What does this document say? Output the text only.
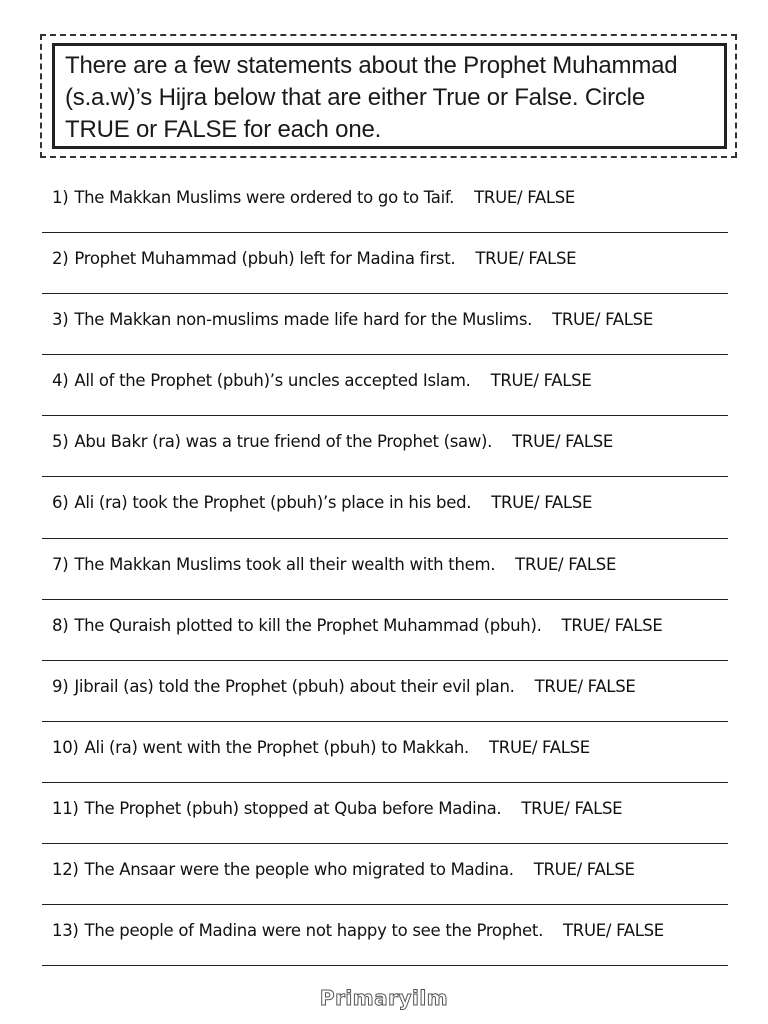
There are a few statements about the Prophet Muhammad (s.a.w)’s Hijra below that are either True or False. Circle TRUE or FALSE for each one.

1) The Makkan Muslims were ordered to go to Taif. TRUE/ FALSE
2) Prophet Muhammad (pbuh) left for Madina first. TRUE/ FALSE
3) The Makkan non-muslims made life hard for the Muslims. TRUE/ FALSE
4) All of the Prophet (pbuh)’s uncles accepted Islam. TRUE/ FALSE
5) Abu Bakr (ra) was a true friend of the Prophet (saw). TRUE/ FALSE
6) Ali (ra) took the Prophet (pbuh)’s place in his bed. TRUE/ FALSE
7) The Makkan Muslims took all their wealth with them. TRUE/ FALSE
8) The Quraish plotted to kill the Prophet Muhammad (pbuh). TRUE/ FALSE
9) Jibrail (as) told the Prophet (pbuh) about their evil plan. TRUE/ FALSE
10) Ali (ra) went with the Prophet (pbuh) to Makkah. TRUE/ FALSE
11) The Prophet (pbuh) stopped at Quba before Madina. TRUE/ FALSE
12) The Ansaar were the people who migrated to Madina. TRUE/ FALSE
13) The people of Madina were not happy to see the Prophet. TRUE/ FALSE
Primaryilm
